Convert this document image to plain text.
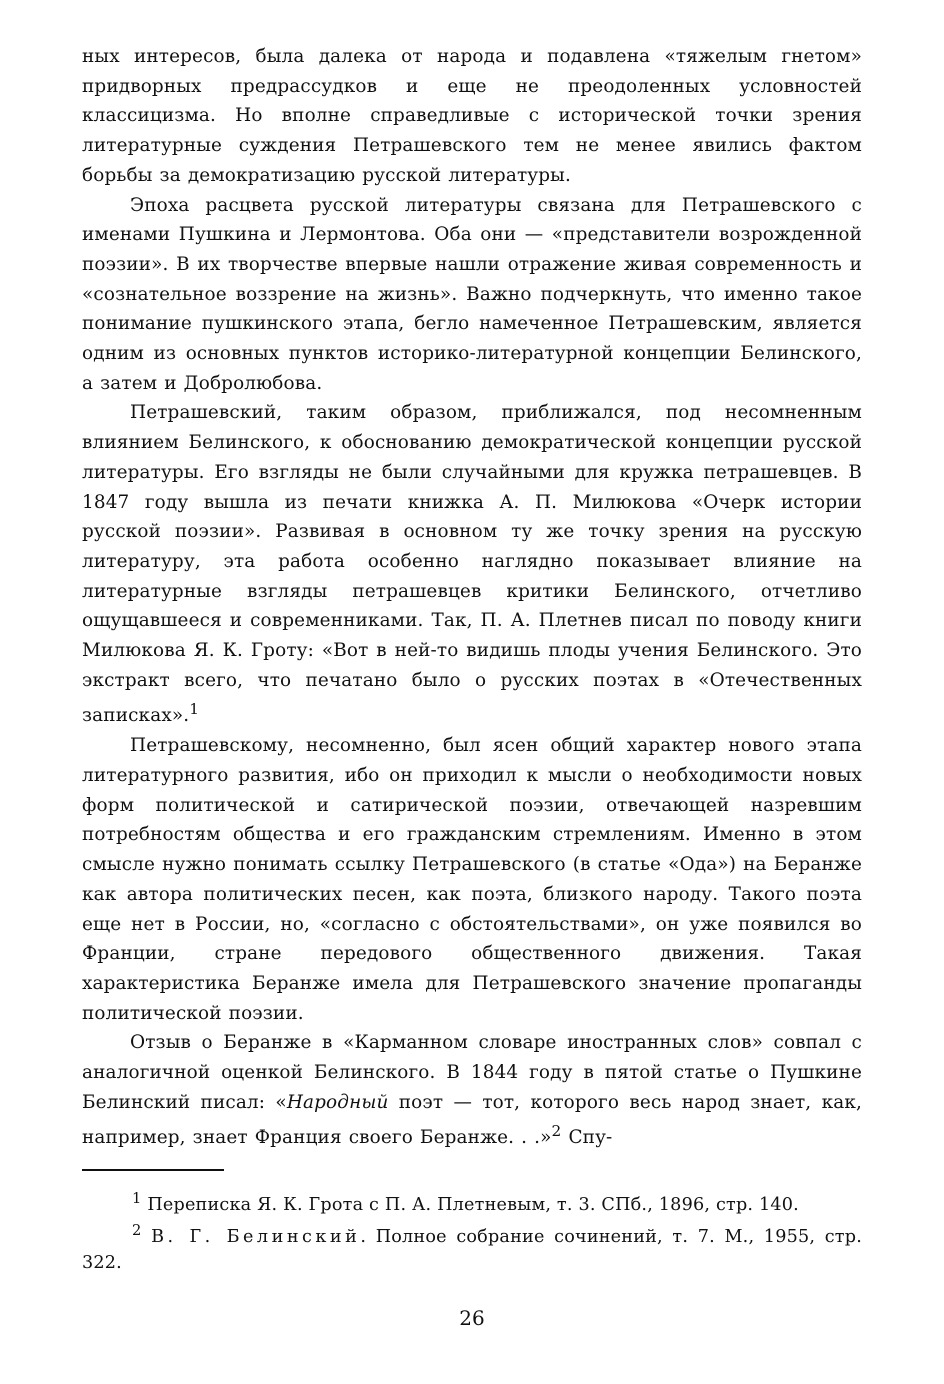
ных интересов, была далека от народа и подавлена «тяжелым гнетом» придворных предрассудков и еще не преодоленных условностей классицизма. Но вполне справедливые с исторической точки зрения литературные суждения Петрашевского тем не менее явились фактом борьбы за демократизацию русской литературы.

Эпоха расцвета русской литературы связана для Петрашевского с именами Пушкина и Лермонтова. Оба они — «представители возрожденной поэзии». В их творчестве впервые нашли отражение живая современность и «сознательное воззрение на жизнь». Важно подчеркнуть, что именно такое понимание пушкинского этапа, бегло намеченное Петрашевским, является одним из основных пунктов историко-литературной концепции Белинского, а затем и Добролюбова.

Петрашевский, таким образом, приближался, под несомненным влиянием Белинского, к обоснованию демократической концепции русской литературы. Его взгляды не были случайными для кружка петрашевцев. В 1847 году вышла из печати книжка А. П. Милюкова «Очерк истории русской поэзии». Развивая в основном ту же точку зрения на русскую литературу, эта работа особенно наглядно показывает влияние на литературные взгляды петрашевцев критики Белинского, отчетливо ощущавшееся и современниками. Так, П. А. Плетнев писал по поводу книги Милюкова Я. К. Гроту: «Вот в ней-то видишь плоды учения Белинского. Это экстракт всего, что печатано было о русских поэтах в «Отечественных записках».$^1$

Петрашевскому, несомненно, был ясен общий характер нового этапа литературного развития, ибо он приходил к мысли о необходимости новых форм политической и сатирической поэзии, отвечающей назревшим потребностям общества и его гражданским стремлениям. Именно в этом смысле нужно понимать ссылку Петрашевского (в статье «Ода») на Беранже как автора политических песен, как поэта, близкого народу. Такого поэта еще нет в России, но, «согласно с обстоятельствами», он уже появился во Франции, стране передового общественного движения. Такая характеристика Беранже имела для Петрашевского значение пропаганды политической поэзии.

Отзыв о Беранже в «Карманном словаре иностранных слов» совпал с аналогичной оценкой Белинского. В 1844 году в пятой статье о Пушкине Белинский писал: «Народный поэт — тот, которого весь народ знает, как, например, знает Франция своего Беранже. . .»$^2$ Спу-

$^1$ Переписка Я. К. Грота с П. А. Плетневым, т. 3. СПб., 1896, стр. 140.

$^2$ В. Г. Белинский. Полное собрание сочинений, т. 7. М., 1955, стр. 322.

26
